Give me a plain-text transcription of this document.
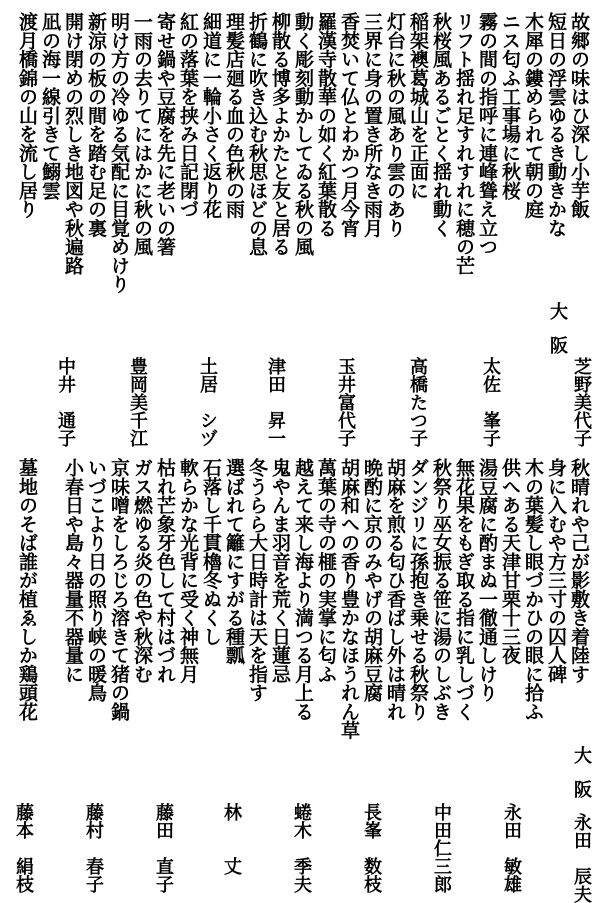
故郷の味はひ深し小芋飯
短日の浮雲ゆるき動きかな
木犀の鏤められて朝の庭
ニス匂ふ工事場に秋桜
霧の間の指呼に連峰聳え立つ
リフト揺れ足すれすれに穂の芒
秋桜風あるごとく揺れ動く
稲架襖葛城山を正面に
灯台に秋の風あり雲のあり
三界に身の置き所なき雨月
香焚いて仏とわかつ月今宵
羅漢寺散華の如く紅葉散る
動く彫刻動かしてゐる秋の風
柳散る博多よかたと友と居る
折鶴に吹き込む秋思ほどの息
理髪店廻る血の色秋の雨
細道に一輪小さく返り花
紅の落葉を挟み日記閉づ
寄せ鍋や豆腐を先に老いの箸
一雨の去りてにはかに秋の風
明け方の冷ゆる気配に目覚めけり
新涼の板の間を踏む足の裏
開け閉めの烈しき地図や秋遍路
凪の海一線引きて鰯雲
渡月橋錦の山を流し居り
大阪
芝野美代子
太佐　峯子
高橋たつ子
玉井富代子
津田　昇一
土居　シヅ
豊岡美千江
中井　通子
秋晴れや己が影敷き着陸す
身に入むや方三寸の囚人碑
木の葉髪し眼づかひの眼に拾ふ
供へある天津甘栗十三夜
湯豆腐に酌まぬ一徹通しけり
無花果をもぎ取る指に乳しづく
秋祭り巫女振る笹に湯のしぶき
ダンジリに孫抱き乗せる秋祭り
胡麻を煎る匂ひ香ばし外は晴れ
晩酌に京のみやげの胡麻豆腐
胡麻和への香り豊かなほうれん草
萬葉の寺の榧の実掌に匂ふ
越えて来し海より満つる月上る
鬼やんま羽音を荒く日蓮忌
冬うらら大日時計は天を指す
選ばれて籬にすがる種瓢
石落し千貫櫓冬ぬくし
軟らかな光背に受く神無月
枯れ芒象牙色して村はづれ
ガス燃ゆる炎の色や秋深む
京味噌をしろじろ溶きて猪の鍋
いづこより日の照り峡の暖鳥
小春日や島々器量不器量に
墓地のそば誰が植ゑしか鶏頭花
大阪
永田　辰夫
永田　敏雄
中田仁三郎
長峯　数枝
蜷木　季夫
林　　丈
藤田　直子
藤村　春子
藤本　絹枝
